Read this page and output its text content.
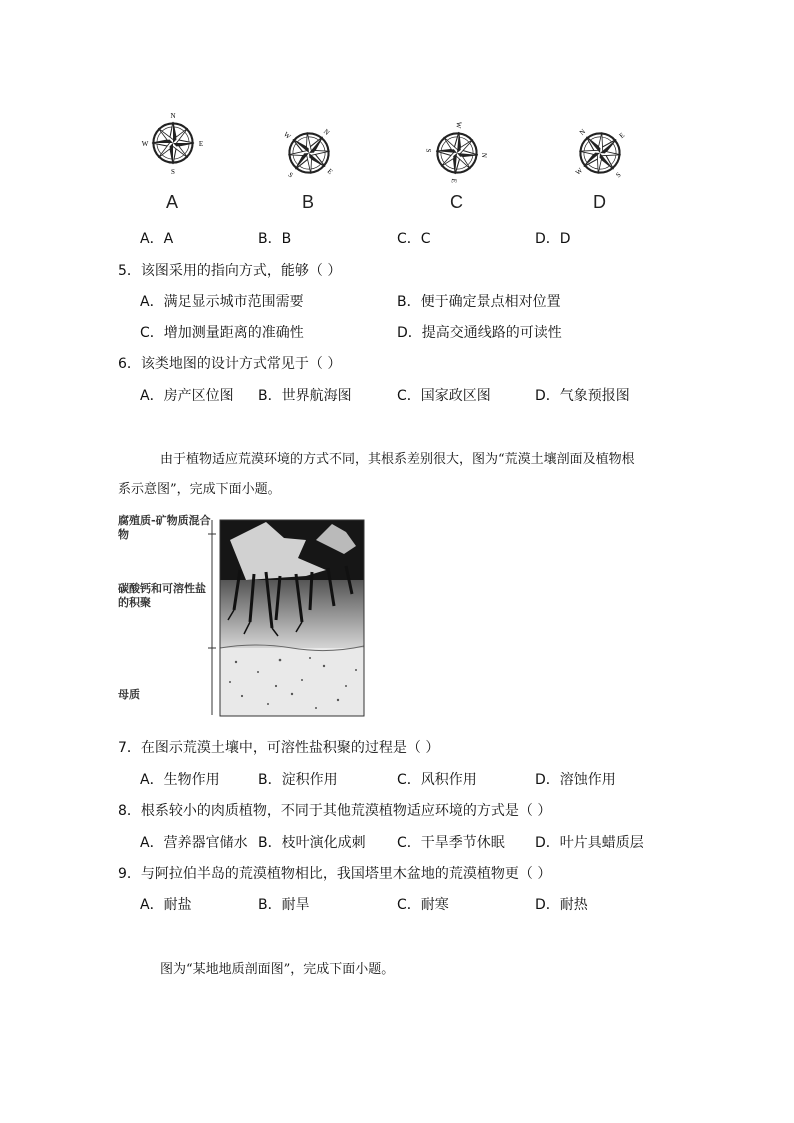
N
E
S
W
A
N
E
S
W
B
N
E
S
W
C
N	E
S
W
D
A．A	B．B	C．C	D．D
5．该图采用的指向方式，能够（ ）
A．满足显示城市范围需要	B．便于确定景点相对位置
C．增加测量距离的准确性	D．提高交通线路的可读性
6．该类地图的设计方式常见于（ ）
A．房产区位图 B．世界航海图	C．国家政区图	D．气象预报图
由于植物适应荒漠环境的方式不同，其根系差别很大，图为“荒漠土壤剖面及植物根
系示意图”，完成下面小题。
腐殖质-矿物质混合物
碳酸钙和可溶性盐的积聚
母质
7．在图示荒漠土壤中，可溶性盐积聚的过程是（ ）
A．生物作用	B．淀积作用	C．风积作用	D．溶蚀作用
8．根系较小的肉质植物，不同于其他荒漠植物适应环境的方式是（ ）
A．营养器官储水 B．枝叶演化成刺 C．干旱季节休眠 D．叶片具蜡质层
9．与阿拉伯半岛的荒漠植物相比，我国塔里木盆地的荒漠植物更（ ）
A．耐盐	B．耐旱	C．耐寒	D．耐热
图为“某地地质剖面图”，完成下面小题。
